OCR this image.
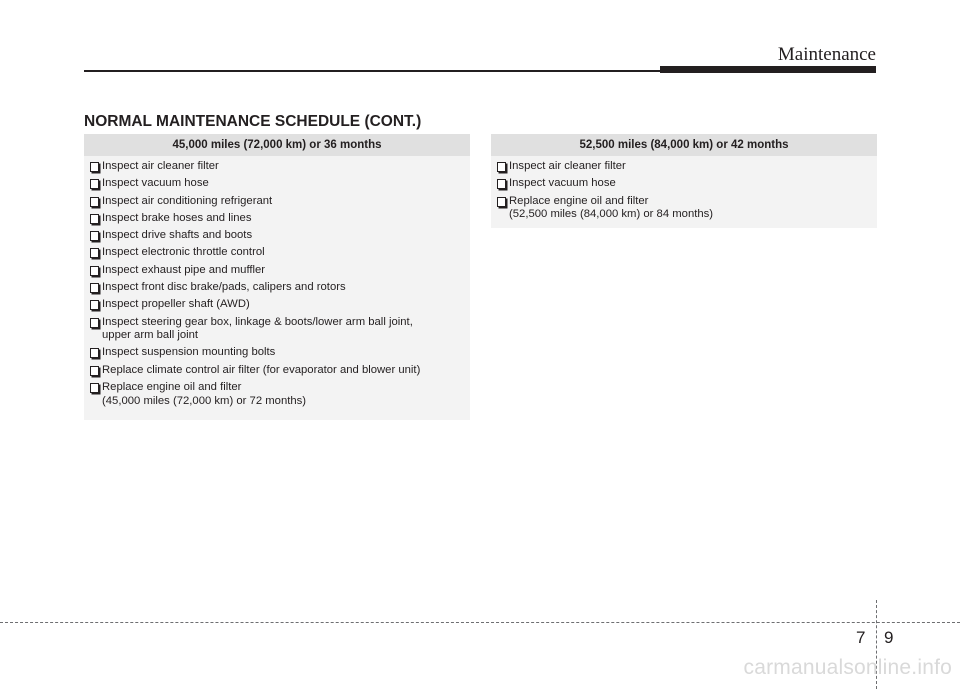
Maintenance
NORMAL MAINTENANCE SCHEDULE (CONT.)
45,000 miles (72,000 km) or 36 months
Inspect air cleaner filter
Inspect vacuum hose
Inspect air conditioning refrigerant
Inspect brake hoses and lines
Inspect drive shafts and boots
Inspect electronic throttle control
Inspect exhaust pipe and muffler
Inspect front disc brake/pads, calipers and rotors
Inspect propeller shaft (AWD)
Inspect steering gear box, linkage & boots/lower arm ball joint,
upper arm ball joint
Inspect suspension mounting bolts
Replace climate control air filter (for evaporator and blower unit)
Replace engine oil and filter
(45,000 miles (72,000 km) or 72 months)
52,500 miles (84,000 km) or 42 months
Inspect air cleaner filter
Inspect vacuum hose
Replace engine oil and filter
(52,500 miles (84,000 km) or 84 months)
7 9
carmanualsonline.info
